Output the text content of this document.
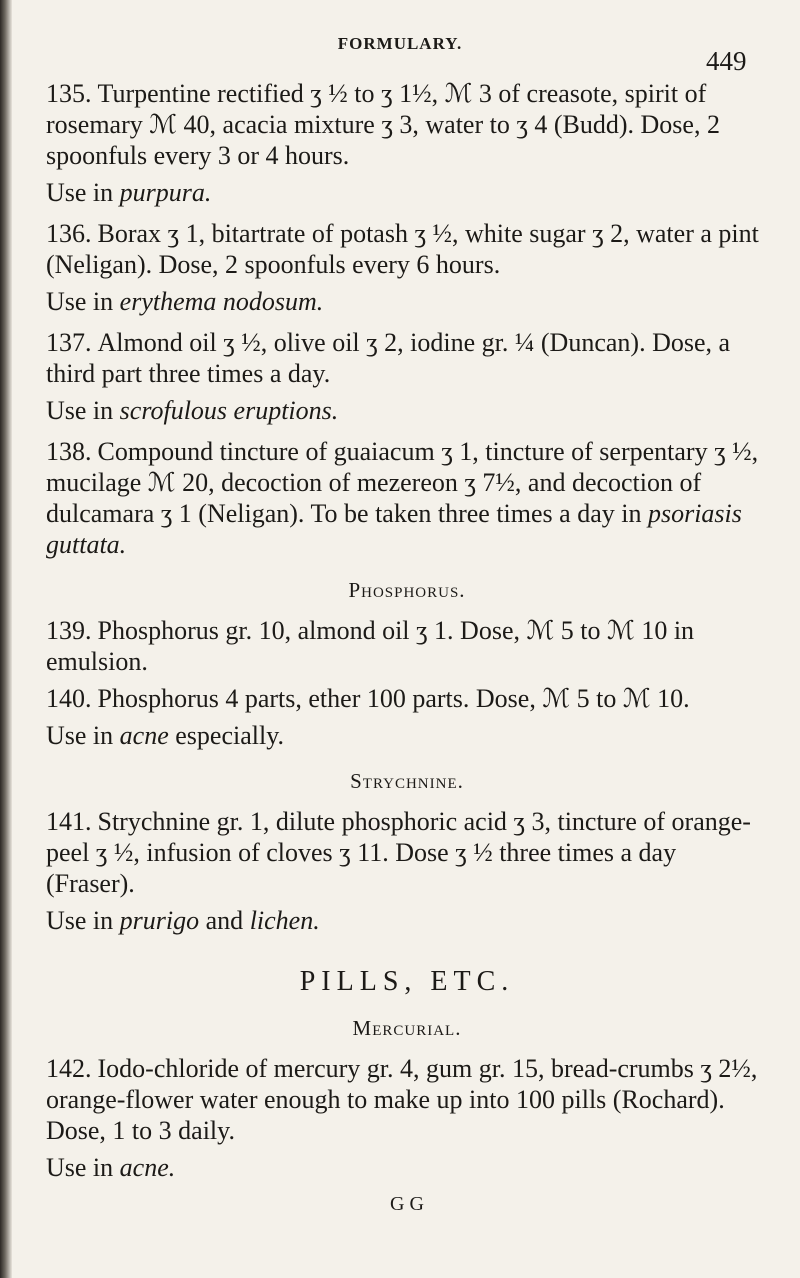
FORMULARY.
449

135. Turpentine rectified ʒ ½ to ʒ 1½, ℳ 3 of creasote, spirit of rosemary ℳ 40, acacia mixture ʒ 3, water to ʒ 4 (Budd). Dose, 2 spoonfuls every 3 or 4 hours.

Use in purpura.

136. Borax ʒ 1, bitartrate of potash ʒ ½, white sugar ʒ 2, water a pint (Neligan). Dose, 2 spoonfuls every 6 hours.

Use in erythema nodosum.

137. Almond oil ʒ ½, olive oil ʒ 2, iodine gr. ¼ (Duncan). Dose, a third part three times a day.

Use in scrofulous eruptions.

138. Compound tincture of guaiacum ʒ 1, tincture of serpentary ʒ ½, mucilage ℳ 20, decoction of mezereon ʒ 7½, and decoction of dulcamara ʒ 1 (Neligan). To be taken three times a day in psoriasis guttata.

Phosphorus.

139. Phosphorus gr. 10, almond oil ʒ 1. Dose, ℳ 5 to ℳ 10 in emulsion.

140. Phosphorus 4 parts, ether 100 parts. Dose, ℳ 5 to ℳ 10.

Use in acne especially.

Strychnine.

141. Strychnine gr. 1, dilute phosphoric acid ʒ 3, tincture of orange-peel ʒ ½, infusion of cloves ʒ 11. Dose ʒ ½ three times a day (Fraser).

Use in prurigo and lichen.

PILLS, ETC.
Mercurial.

142. Iodo-chloride of mercury gr. 4, gum gr. 15, bread-crumbs ʒ 2½, orange-flower water enough to make up into 100 pills (Rochard). Dose, 1 to 3 daily.

Use in acne.

G G
